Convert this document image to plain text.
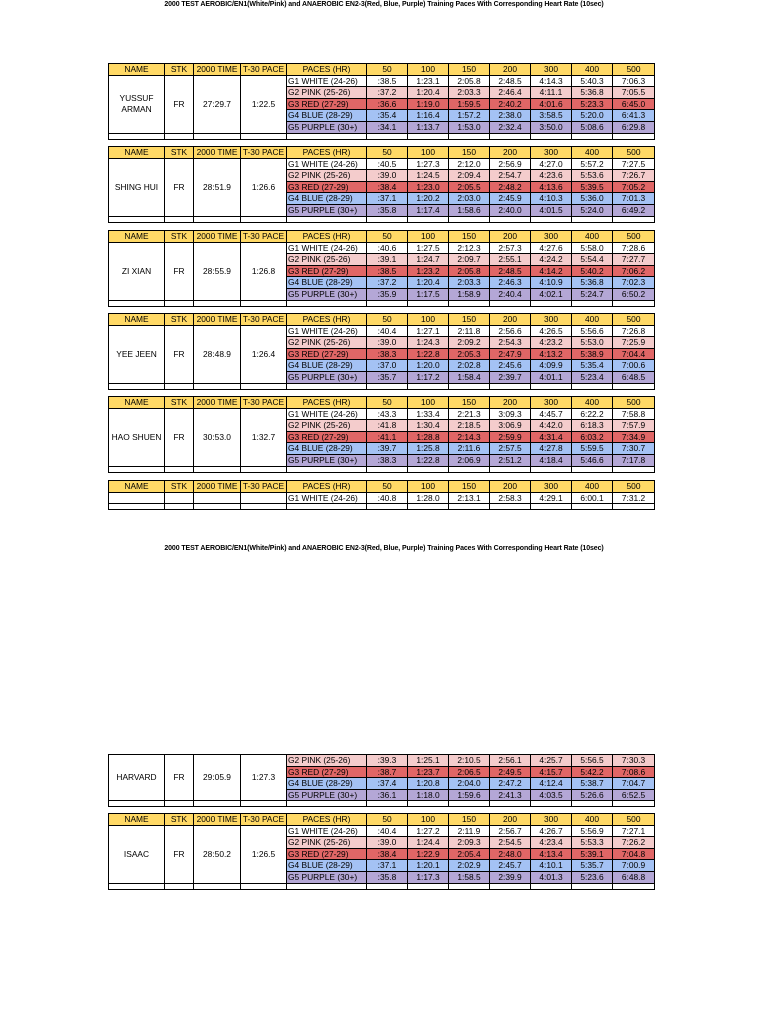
2000 TEST AEROBIC/EN1(White/Pink) and ANAEROBIC EN2-3(Red, Blue, Purple) Training Paces With Corresponding Heart Rate (10sec)
2000 TEST AEROBIC/EN1(White/Pink) and ANAEROBIC EN2-3(Red, Blue, Purple) Training Paces With Corresponding Heart Rate (10sec)
NAME	STK	2000 TIME	T-30 PACE	PACES (HR)	50	100	150	200	300	400	500
YUSSUF ARMAN	FR	27:29.7	1:22.5	G1 WHITE (24-26)	:38.5	1:23.1	2:05.8	2:48.5	4:14.3	5:40.3	7:06.3
				G2 PINK (25-26)	:37.2	1:20.4	2:03.3	2:46.4	4:11.1	5:36.8	7:05.5
				G3 RED (27-29)	:36.6	1:19.0	1:59.5	2:40.2	4:01.6	5:23.3	6:45.0
				G4 BLUE (28-29)	:35.4	1:16.4	1:57.2	2:38.0	3:58.5	5:20.0	6:41.3
				G5 PURPLE (30+)	:34.1	1:13.7	1:53.0	2:32.4	3:50.0	5:08.6	6:29.8

NAME	STK	2000 TIME	T-30 PACE	PACES (HR)	50	100	150	200	300	400	500
SHING HUI	FR	28:51.9	1:26.6	G1 WHITE (24-26)	:40.5	1:27.3	2:12.0	2:56.9	4:27.0	5:57.2	7:27.5
				G2 PINK (25-26)	:39.0	1:24.5	2:09.4	2:54.7	4:23.6	5:53.6	7:26.7
				G3 RED (27-29)	:38.4	1:23.0	2:05.5	2:48.2	4:13.6	5:39.5	7:05.2
				G4 BLUE (28-29)	:37.1	1:20.2	2:03.0	2:45.9	4:10.3	5:36.0	7:01.3
				G5 PURPLE (30+)	:35.8	1:17.4	1:58.6	2:40.0	4:01.5	5:24.0	6:49.2

NAME	STK	2000 TIME	T-30 PACE	PACES (HR)	50	100	150	200	300	400	500
ZI XIAN	FR	28:55.9	1:26.8	G1 WHITE (24-26)	:40.6	1:27.5	2:12.3	2:57.3	4:27.6	5:58.0	7:28.6
				G2 PINK (25-26)	:39.1	1:24.7	2:09.7	2:55.1	4:24.2	5:54.4	7:27.7
				G3 RED (27-29)	:38.5	1:23.2	2:05.8	2:48.5	4:14.2	5:40.2	7:06.2
				G4 BLUE (28-29)	:37.2	1:20.4	2:03.3	2:46.3	4:10.9	5:36.8	7:02.3
				G5 PURPLE (30+)	:35.9	1:17.5	1:58.9	2:40.4	4:02.1	5:24.7	6:50.2

NAME	STK	2000 TIME	T-30 PACE	PACES (HR)	50	100	150	200	300	400	500
YEE JEEN	FR	28:48.9	1:26.4	G1 WHITE (24-26)	:40.4	1:27.1	2:11.8	2:56.6	4:26.5	5:56.6	7:26.8
				G2 PINK (25-26)	:39.0	1:24.3	2:09.2	2:54.3	4:23.2	5:53.0	7:25.9
				G3 RED (27-29)	:38.3	1:22.8	2:05.3	2:47.9	4:13.2	5:38.9	7:04.4
				G4 BLUE (28-29)	:37.0	1:20.0	2:02.8	2:45.6	4:09.9	5:35.4	7:00.6
				G5 PURPLE (30+)	:35.7	1:17.2	1:58.4	2:39.7	4:01.1	5:23.4	6:48.5

NAME	STK	2000 TIME	T-30 PACE	PACES (HR)	50	100	150	200	300	400	500
HAO SHUEN	FR	30:53.0	1:32.7	G1 WHITE (24-26)	:43.3	1:33.4	2:21.3	3:09.3	4:45.7	6:22.2	7:58.8
				G2 PINK (25-26)	:41.8	1:30.4	2:18.5	3:06.9	4:42.0	6:18.3	7:57.9
				G3 RED (27-29)	:41.1	1:28.8	2:14.3	2:59.9	4:31.4	6:03.2	7:34.9
				G4 BLUE (28-29)	:39.7	1:25.8	2:11.6	2:57.5	4:27.8	5:59.5	7:30.7
				G5 PURPLE (30+)	:38.3	1:22.8	2:06.9	2:51.2	4:18.4	5:46.6	7:17.8

NAME	STK	2000 TIME	T-30 PACE	PACES (HR)	50	100	150	200	300	400	500
				G1 WHITE (24-26)	:40.8	1:28.0	2:13.1	2:58.3	4:29.1	6:00.1	7:31.2

HARVARD	FR	29:05.9	1:27.3	G2 PINK (25-26)	:39.3	1:25.1	2:10.5	2:56.1	4:25.7	5:56.5	7:30.3
				G3 RED (27-29)	:38.7	1:23.7	2:06.5	2:49.5	4:15.7	5:42.2	7:08.6
				G4 BLUE (28-29)	:37.4	1:20.8	2:04.0	2:47.2	4:12.4	5:38.7	7:04.7
				G5 PURPLE (30+)	:36.1	1:18.0	1:59.6	2:41.3	4:03.5	5:26.6	6:52.5

NAME	STK	2000 TIME	T-30 PACE	PACES (HR)	50	100	150	200	300	400	500
ISAAC	FR	28:50.2	1:26.5	G1 WHITE (24-26)	:40.4	1:27.2	2:11.9	2:56.7	4:26.7	5:56.9	7:27.1
				G2 PINK (25-26)	:39.0	1:24.4	2:09.3	2:54.5	4:23.4	5:53.3	7:26.2
				G3 RED (27-29)	:38.4	1:22.9	2:05.4	2:48.0	4:13.4	5:39.1	7:04.8
				G4 BLUE (28-29)	:37.1	1:20.1	2:02.9	2:45.7	4:10.1	5:35.7	7:00.9
				G5 PURPLE (30+)	:35.8	1:17.3	1:58.5	2:39.9	4:01.3	5:23.6	6:48.8
